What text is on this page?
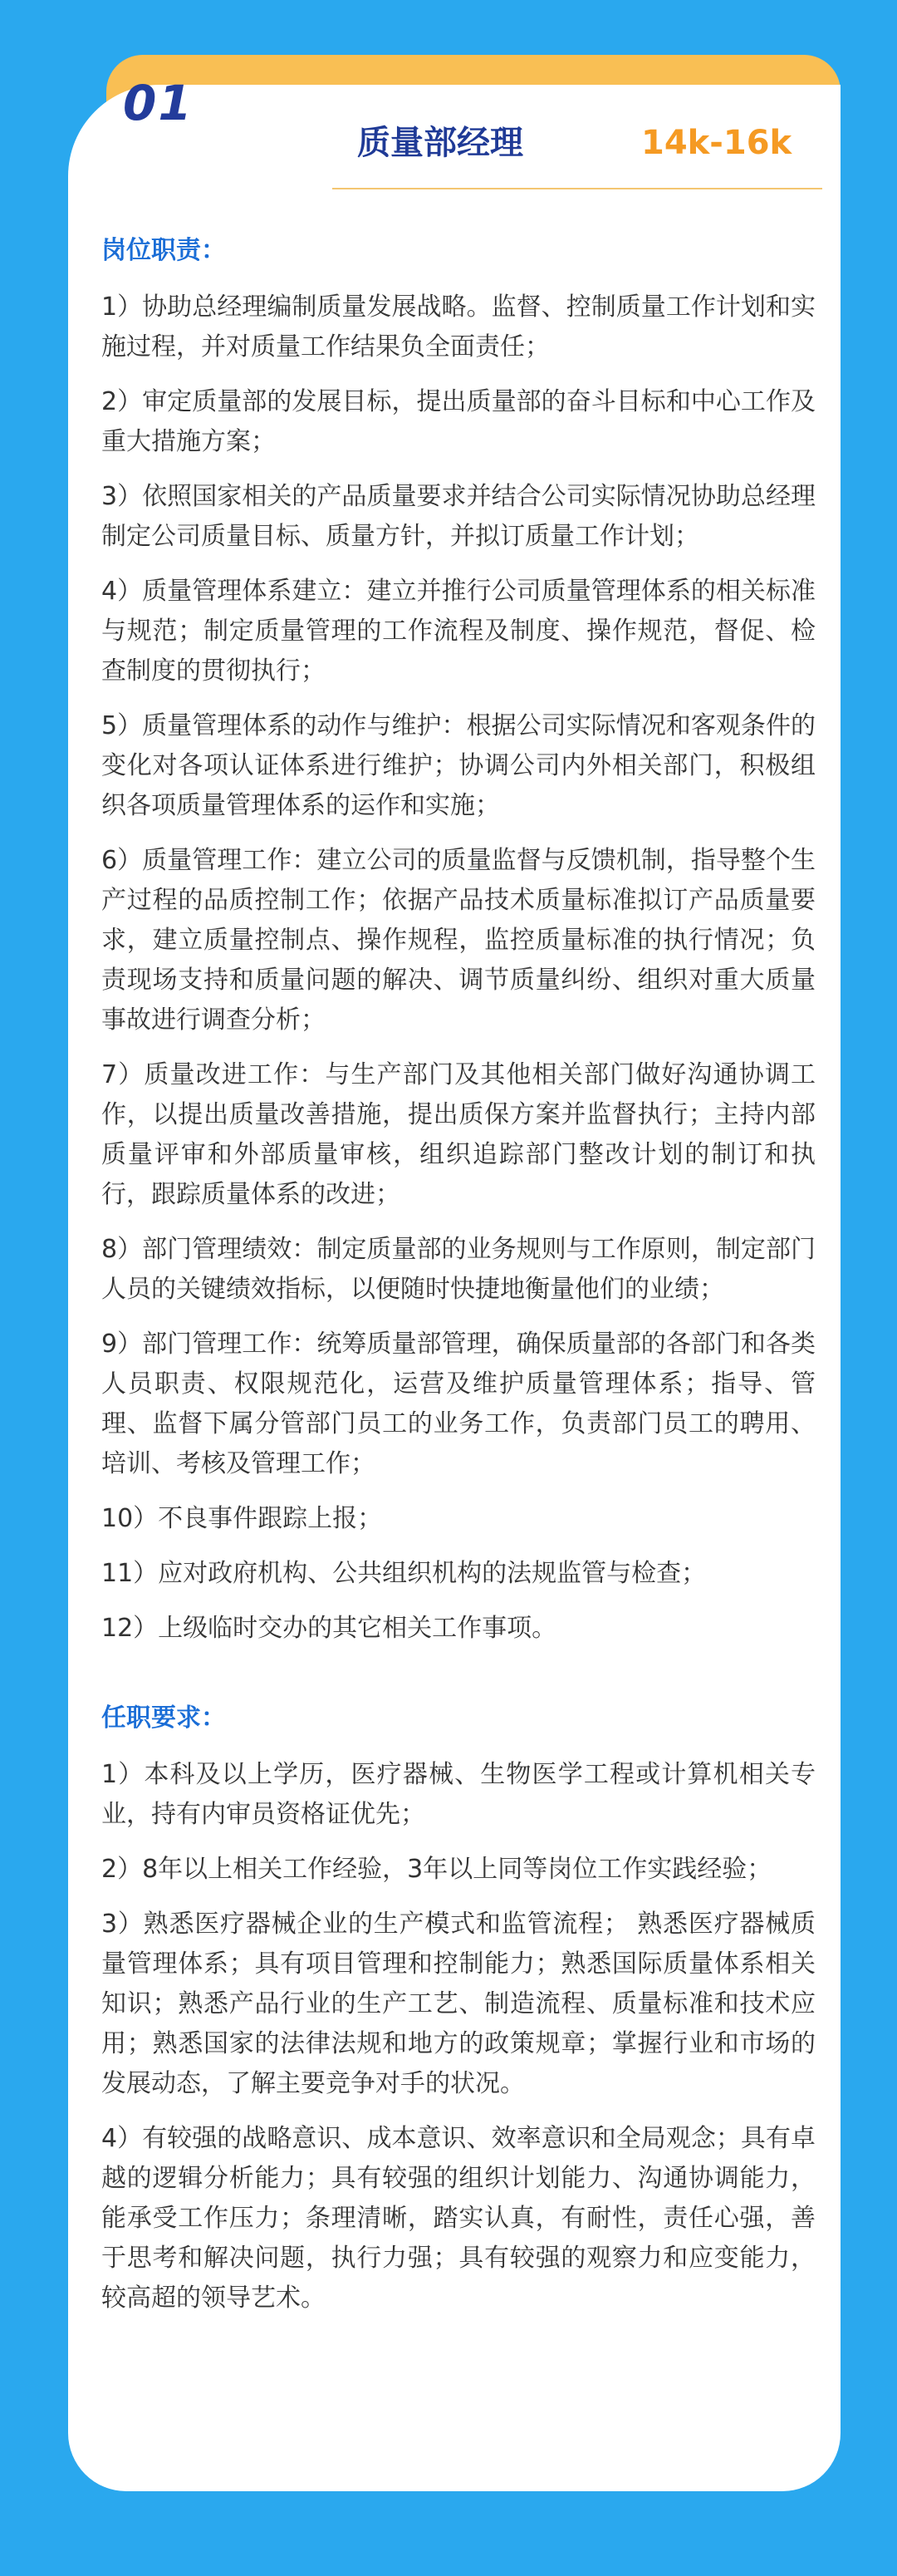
01
质量部经理	14k-16k
岗位职责：
1）协助总经理编制质量发展战略。监督、控制质量工作计划和实施过程，并对质量工作结果负全面责任；
2）审定质量部的发展目标，提出质量部的奋斗目标和中心工作及重大措施方案；
3）依照国家相关的产品质量要求并结合公司实际情况协助总经理制定公司质量目标、质量方针，并拟订质量工作计划；
4）质量管理体系建立：建立并推行公司质量管理体系的相关标准与规范；制定质量管理的工作流程及制度、操作规范，督促、检查制度的贯彻执行；
5）质量管理体系的动作与维护：根据公司实际情况和客观条件的变化对各项认证体系进行维护；协调公司内外相关部门，积极组织各项质量管理体系的运作和实施；
6）质量管理工作：建立公司的质量监督与反馈机制，指导整个生产过程的品质控制工作；依据产品技术质量标准拟订产品质量要求，建立质量控制点、操作规程，监控质量标准的执行情况；负责现场支持和质量问题的解决、调节质量纠纷、组织对重大质量事故进行调查分析；
7）质量改进工作：与生产部门及其他相关部门做好沟通协调工作，以提出质量改善措施，提出质保方案并监督执行；主持内部质量评审和外部质量审核，组织追踪部门整改计划的制订和执行，跟踪质量体系的改进；
8）部门管理绩效：制定质量部的业务规则与工作原则，制定部门人员的关键绩效指标，以便随时快捷地衡量他们的业绩；
9）部门管理工作：统筹质量部管理，确保质量部的各部门和各类人员职责、权限规范化，运营及维护质量管理体系；指导、管理、监督下属分管部门员工的业务工作，负责部门员工的聘用、培训、考核及管理工作；
10）不良事件跟踪上报；
11）应对政府机构、公共组织机构的法规监管与检查；
12）上级临时交办的其它相关工作事项。
任职要求：
1）本科及以上学历，医疗器械、生物医学工程或计算机相关专业，持有内审员资格证优先；
2）8年以上相关工作经验，3年以上同等岗位工作实践经验；
3）熟悉医疗器械企业的生产模式和监管流程； 熟悉医疗器械质量管理体系；具有项目管理和控制能力；熟悉国际质量体系相关知识；熟悉产品行业的生产工艺、制造流程、质量标准和技术应用；熟悉国家的法律法规和地方的政策规章；掌握行业和市场的发展动态，了解主要竞争对手的状况。
4）有较强的战略意识、成本意识、效率意识和全局观念；具有卓越的逻辑分析能力；具有较强的组织计划能力、沟通协调能力，能承受工作压力；条理清晰，踏实认真，有耐性，责任心强，善于思考和解决问题，执行力强；具有较强的观察力和应变能力，较高超的领导艺术。
